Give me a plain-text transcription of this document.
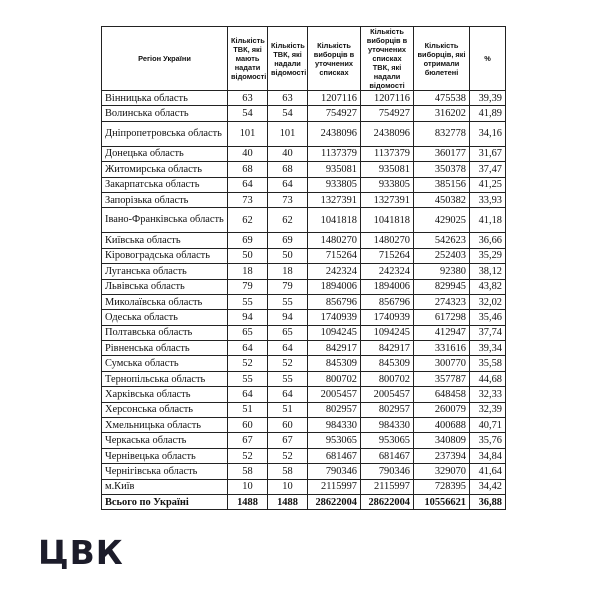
Регіон України	Кількість ТВК, які мають надати відомості	Кількість ТВК, які надали відомості	Кількість виборців в уточнених списках	Кількість виборців в уточнених списках ТВК, які надали відомості	Кількість виборців, які отримали бюлетені	%
Вінницька область	63	63	1207116	1207116	475538	39,39
Волинська область	54	54	754927	754927	316202	41,89
Дніпропетровська область	101	101	2438096	2438096	832778	34,16
Донецька область	40	40	1137379	1137379	360177	31,67
Житомирська область	68	68	935081	935081	350378	37,47
Закарпатська область	64	64	933805	933805	385156	41,25
Запорізька область	73	73	1327391	1327391	450382	33,93
Івано-Франківська область	62	62	1041818	1041818	429025	41,18
Київська область	69	69	1480270	1480270	542623	36,66
Кіровоградська область	50	50	715264	715264	252403	35,29
Луганська область	18	18	242324	242324	92380	38,12
Львівська область	79	79	1894006	1894006	829945	43,82
Миколаївська область	55	55	856796	856796	274323	32,02
Одеська область	94	94	1740939	1740939	617298	35,46
Полтавська область	65	65	1094245	1094245	412947	37,74
Рівненська область	64	64	842917	842917	331616	39,34
Сумська область	52	52	845309	845309	300770	35,58
Тернопільська область	55	55	800702	800702	357787	44,68
Харківська область	64	64	2005457	2005457	648458	32,33
Херсонська область	51	51	802957	802957	260079	32,39
Хмельницька область	60	60	984330	984330	400688	40,71
Черкаська область	67	67	953065	953065	340809	35,76
Чернівецька область	52	52	681467	681467	237394	34,84
Чернігівська область	58	58	790346	790346	329070	41,64
м.Київ	10	10	2115997	2115997	728395	34,42
Всього по Україні	1488	1488	28622004	28622004	10556621	36,88
ЦВК
